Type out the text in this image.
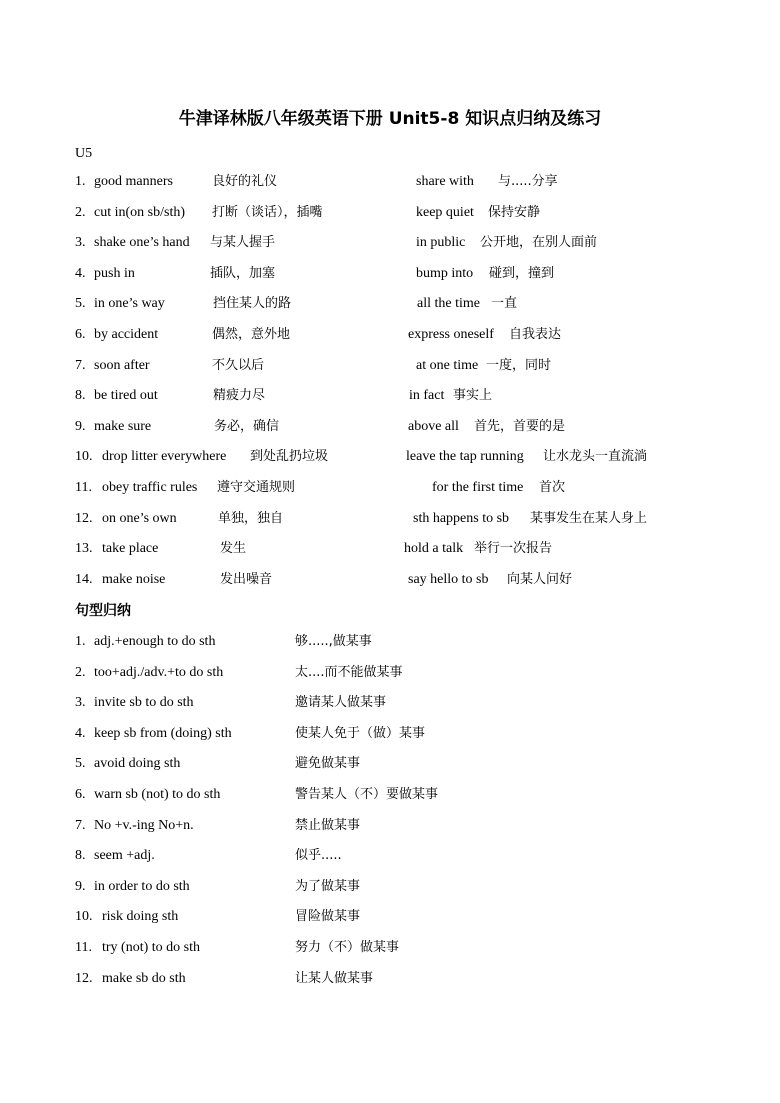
牛津译林版八年级英语下册 Unit5-8 知识点归纳及练习
U5
1. good manners	良好的礼仪	share with 与.....分享
2. cut in(on sb/sth) 打断（谈话），插嘴	keep quiet 保持安静
3. shake one’s hand 与某人握手	in public 公开地，在别人面前
4. push in	插队，加塞	bump into 碰到，撞到
5. in one’s way	挡住某人的路	all the time 一直
6. by accident	偶然，意外地	express oneself 自我表达
7. soon after	不久以后	at one time 一度，同时
8. be tired out	精疲力尽	in fact 事实上
9. make sure	务必，确信	above all 首先，首要的是
10. drop litter everywhere 到处乱扔垃圾	leave the tap running 让水龙头一直流淌
11. obey traffic rules 遵守交通规则	for the first time 首次
12. on one’s own	单独，独自	sth happens to sb 某事发生在某人身上
13. take place	发生	hold a talk 举行一次报告
14. make noise	发出噪音	say hello to sb 向某人问好
句型归纳
1. adj.+enough to do sth	够.....,做某事
2. too+adj./adv.+to do sth	太....而不能做某事
3. invite sb to do sth	邀请某人做某事
4. keep sb from (doing) sth	使某人免于（做）某事
5. avoid doing sth	避免做某事
6. warn sb (not) to do sth	警告某人（不）要做某事
7. No +v.-ing No+n.	禁止做某事
8. seem +adj.	似乎.....
9. in order to do sth	为了做某事
10. risk doing sth	冒险做某事
11. try (not) to do sth	努力（不）做某事
12. make sb do sth	让某人做某事
